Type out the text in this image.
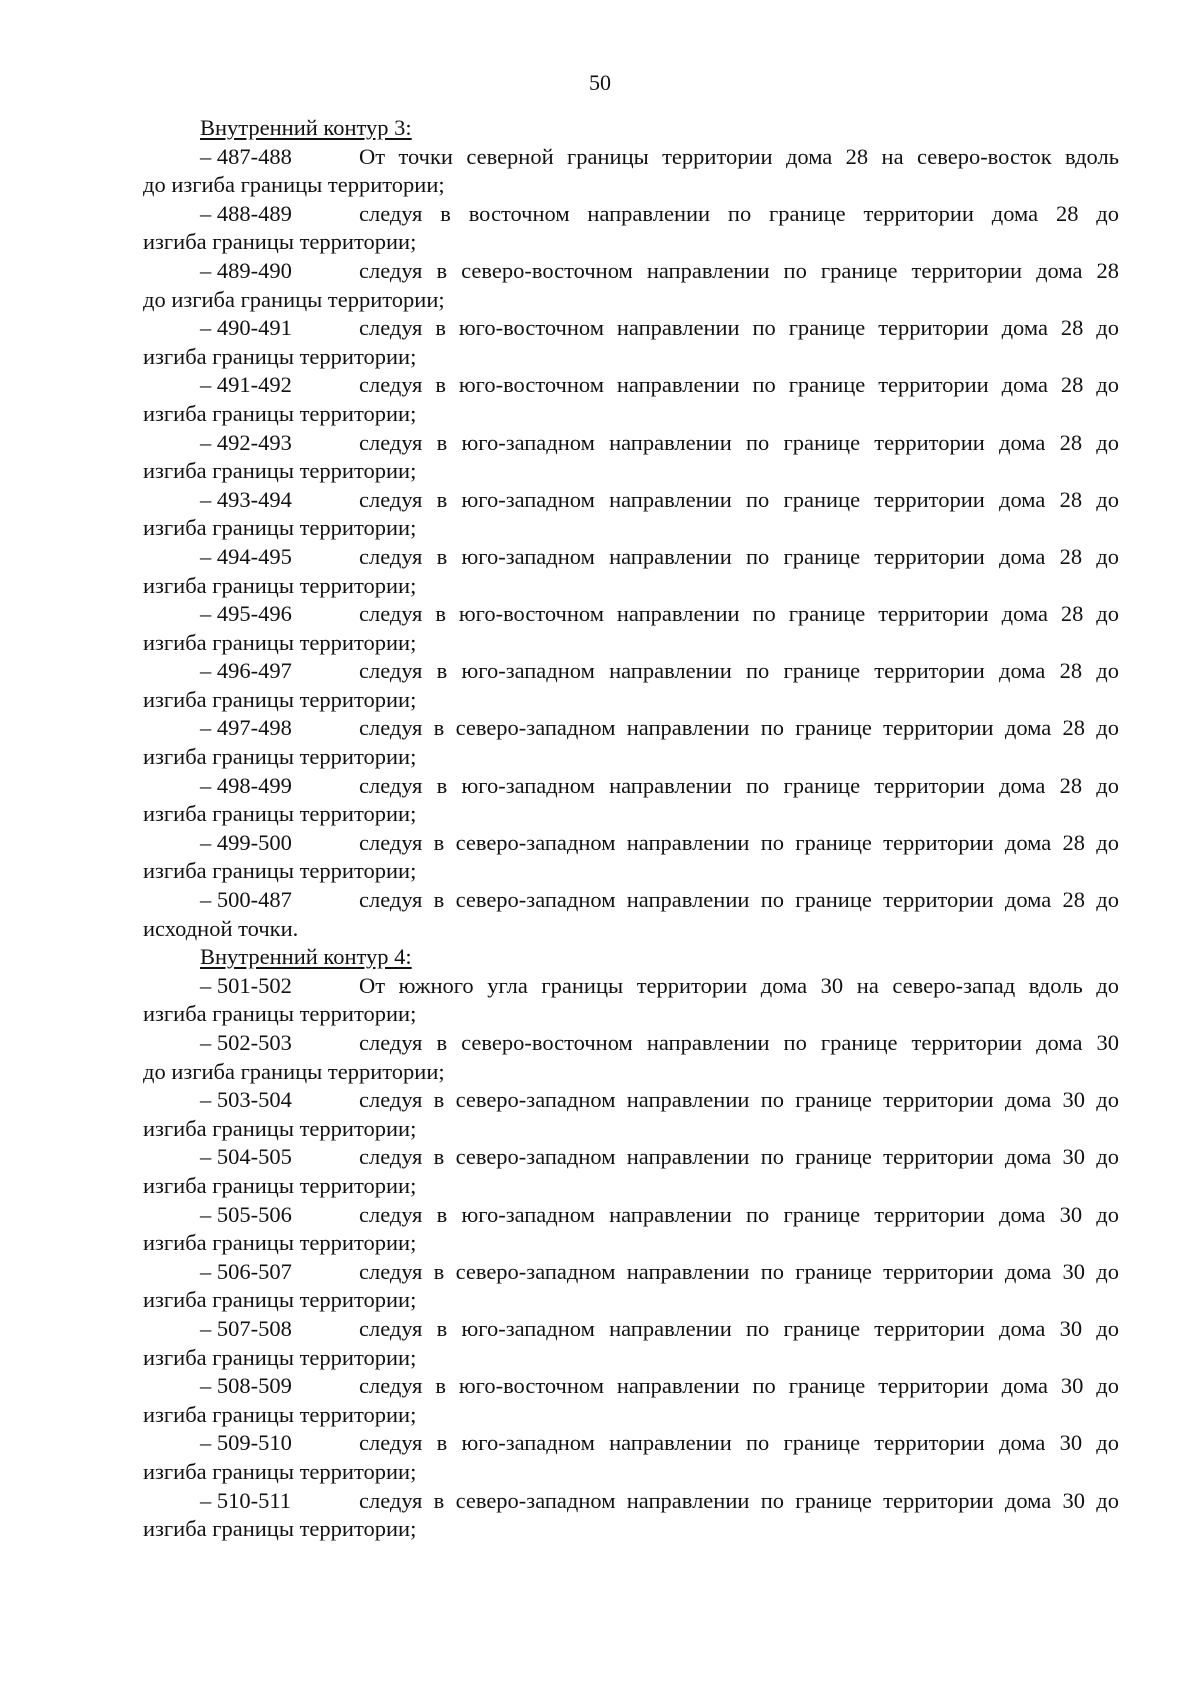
50
Внутренний контур 3:
– 487-488	От точки северной границы территории дома 28 на северо-восток вдоль
до изгиба границы территории;
– 488-489	следуя в восточном направлении по границе территории дома 28 до
изгиба границы территории;
– 489-490	следуя в северо-восточном направлении по границе территории дома 28
до изгиба границы территории;
– 490-491	следуя в юго-восточном направлении по границе территории дома 28 до
изгиба границы территории;
– 491-492	следуя в юго-восточном направлении по границе территории дома 28 до
изгиба границы территории;
– 492-493	следуя в юго-западном направлении по границе территории дома 28 до
изгиба границы территории;
– 493-494	следуя в юго-западном направлении по границе территории дома 28 до
изгиба границы территории;
– 494-495	следуя в юго-западном направлении по границе территории дома 28 до
изгиба границы территории;
– 495-496	следуя в юго-восточном направлении по границе территории дома 28 до
изгиба границы территории;
– 496-497	следуя в юго-западном направлении по границе территории дома 28 до
изгиба границы территории;
– 497-498	следуя в северо-западном направлении по границе территории дома 28 до
изгиба границы территории;
– 498-499	следуя в юго-западном направлении по границе территории дома 28 до
изгиба границы территории;
– 499-500	следуя в северо-западном направлении по границе территории дома 28 до
изгиба границы территории;
– 500-487	следуя в северо-западном направлении по границе территории дома 28 до
исходной точки.
Внутренний контур 4:
– 501-502	От южного угла границы территории дома 30 на северо-запад вдоль до
изгиба границы территории;
– 502-503	следуя в северо-восточном направлении по границе территории дома 30
до изгиба границы территории;
– 503-504	следуя в северо-западном направлении по границе территории дома 30 до
изгиба границы территории;
– 504-505	следуя в северо-западном направлении по границе территории дома 30 до
изгиба границы территории;
– 505-506	следуя в юго-западном направлении по границе территории дома 30 до
изгиба границы территории;
– 506-507	следуя в северо-западном направлении по границе территории дома 30 до
изгиба границы территории;
– 507-508	следуя в юго-западном направлении по границе территории дома 30 до
изгиба границы территории;
– 508-509	следуя в юго-восточном направлении по границе территории дома 30 до
изгиба границы территории;
– 509-510	следуя в юго-западном направлении по границе территории дома 30 до
изгиба границы территории;
– 510-511	следуя в северо-западном направлении по границе территории дома 30 до
изгиба границы территории;
